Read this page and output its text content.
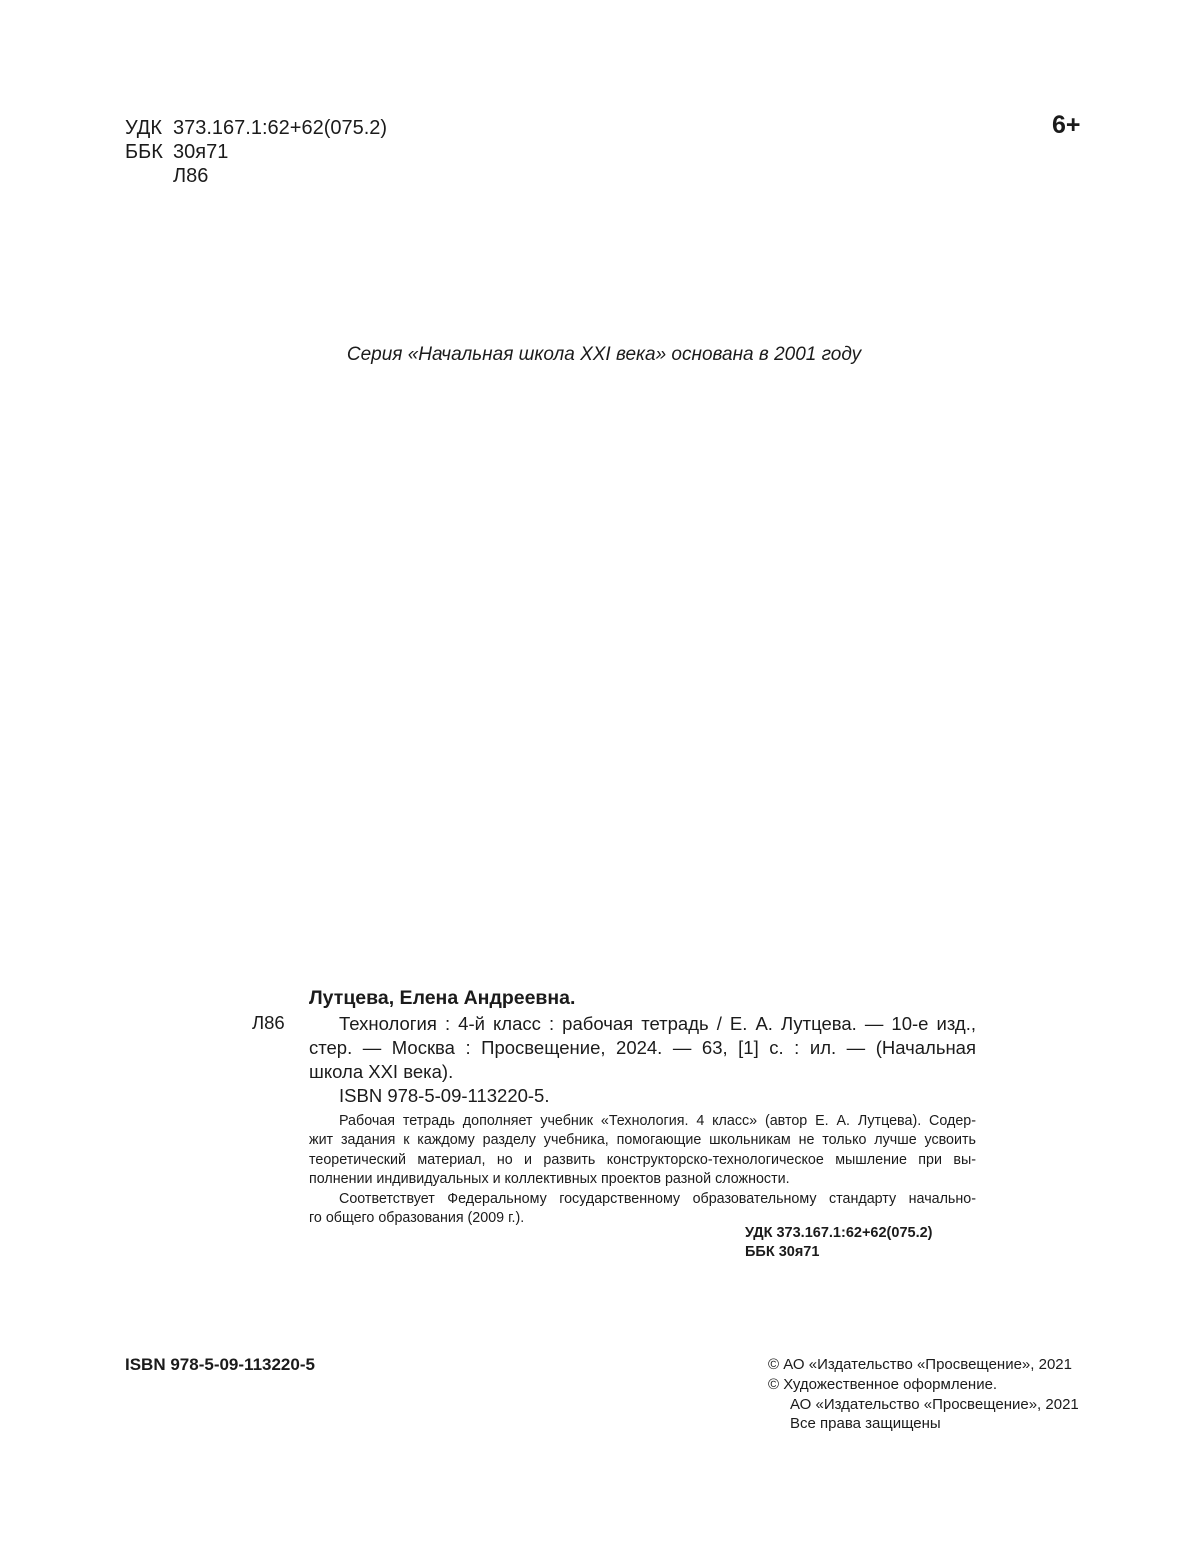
УДК 373.167.1:62+62(075.2)
ББК 30я71
Л86
6+
Серия «Начальная школа XXI века» основана в 2001 году
Лутцева, Елена Андреевна.
Л86	Технология : 4-й класс : рабочая тетрадь / Е. А. Лутцева. — 10-е изд.,
стер. — Москва : Просвещение, 2024. — 63, [1] с. : ил. — (Начальная
школа XXI века).
ISBN 978-5-09-113220-5.
Рабочая тетрадь дополняет учебник «Технология. 4 класс» (автор Е. А. Лутцева). Содер-
жит задания к каждому разделу учебника, помогающие школьникам не только лучше усвоить
теоретический материал, но и развить конструкторско-технологическое мышление при вы-
полнении индивидуальных и коллективных проектов разной сложности.
Соответствует Федеральному государственному образовательному стандарту начально-
го общего образования (2009 г.).
УДК 373.167.1:62+62(075.2)
ББК 30я71
ISBN 978-5-09-113220-5	© АО «Издательство «Просвещение», 2021
© Художественное оформление.
АО «Издательство «Просвещение», 2021
Все права защищены
